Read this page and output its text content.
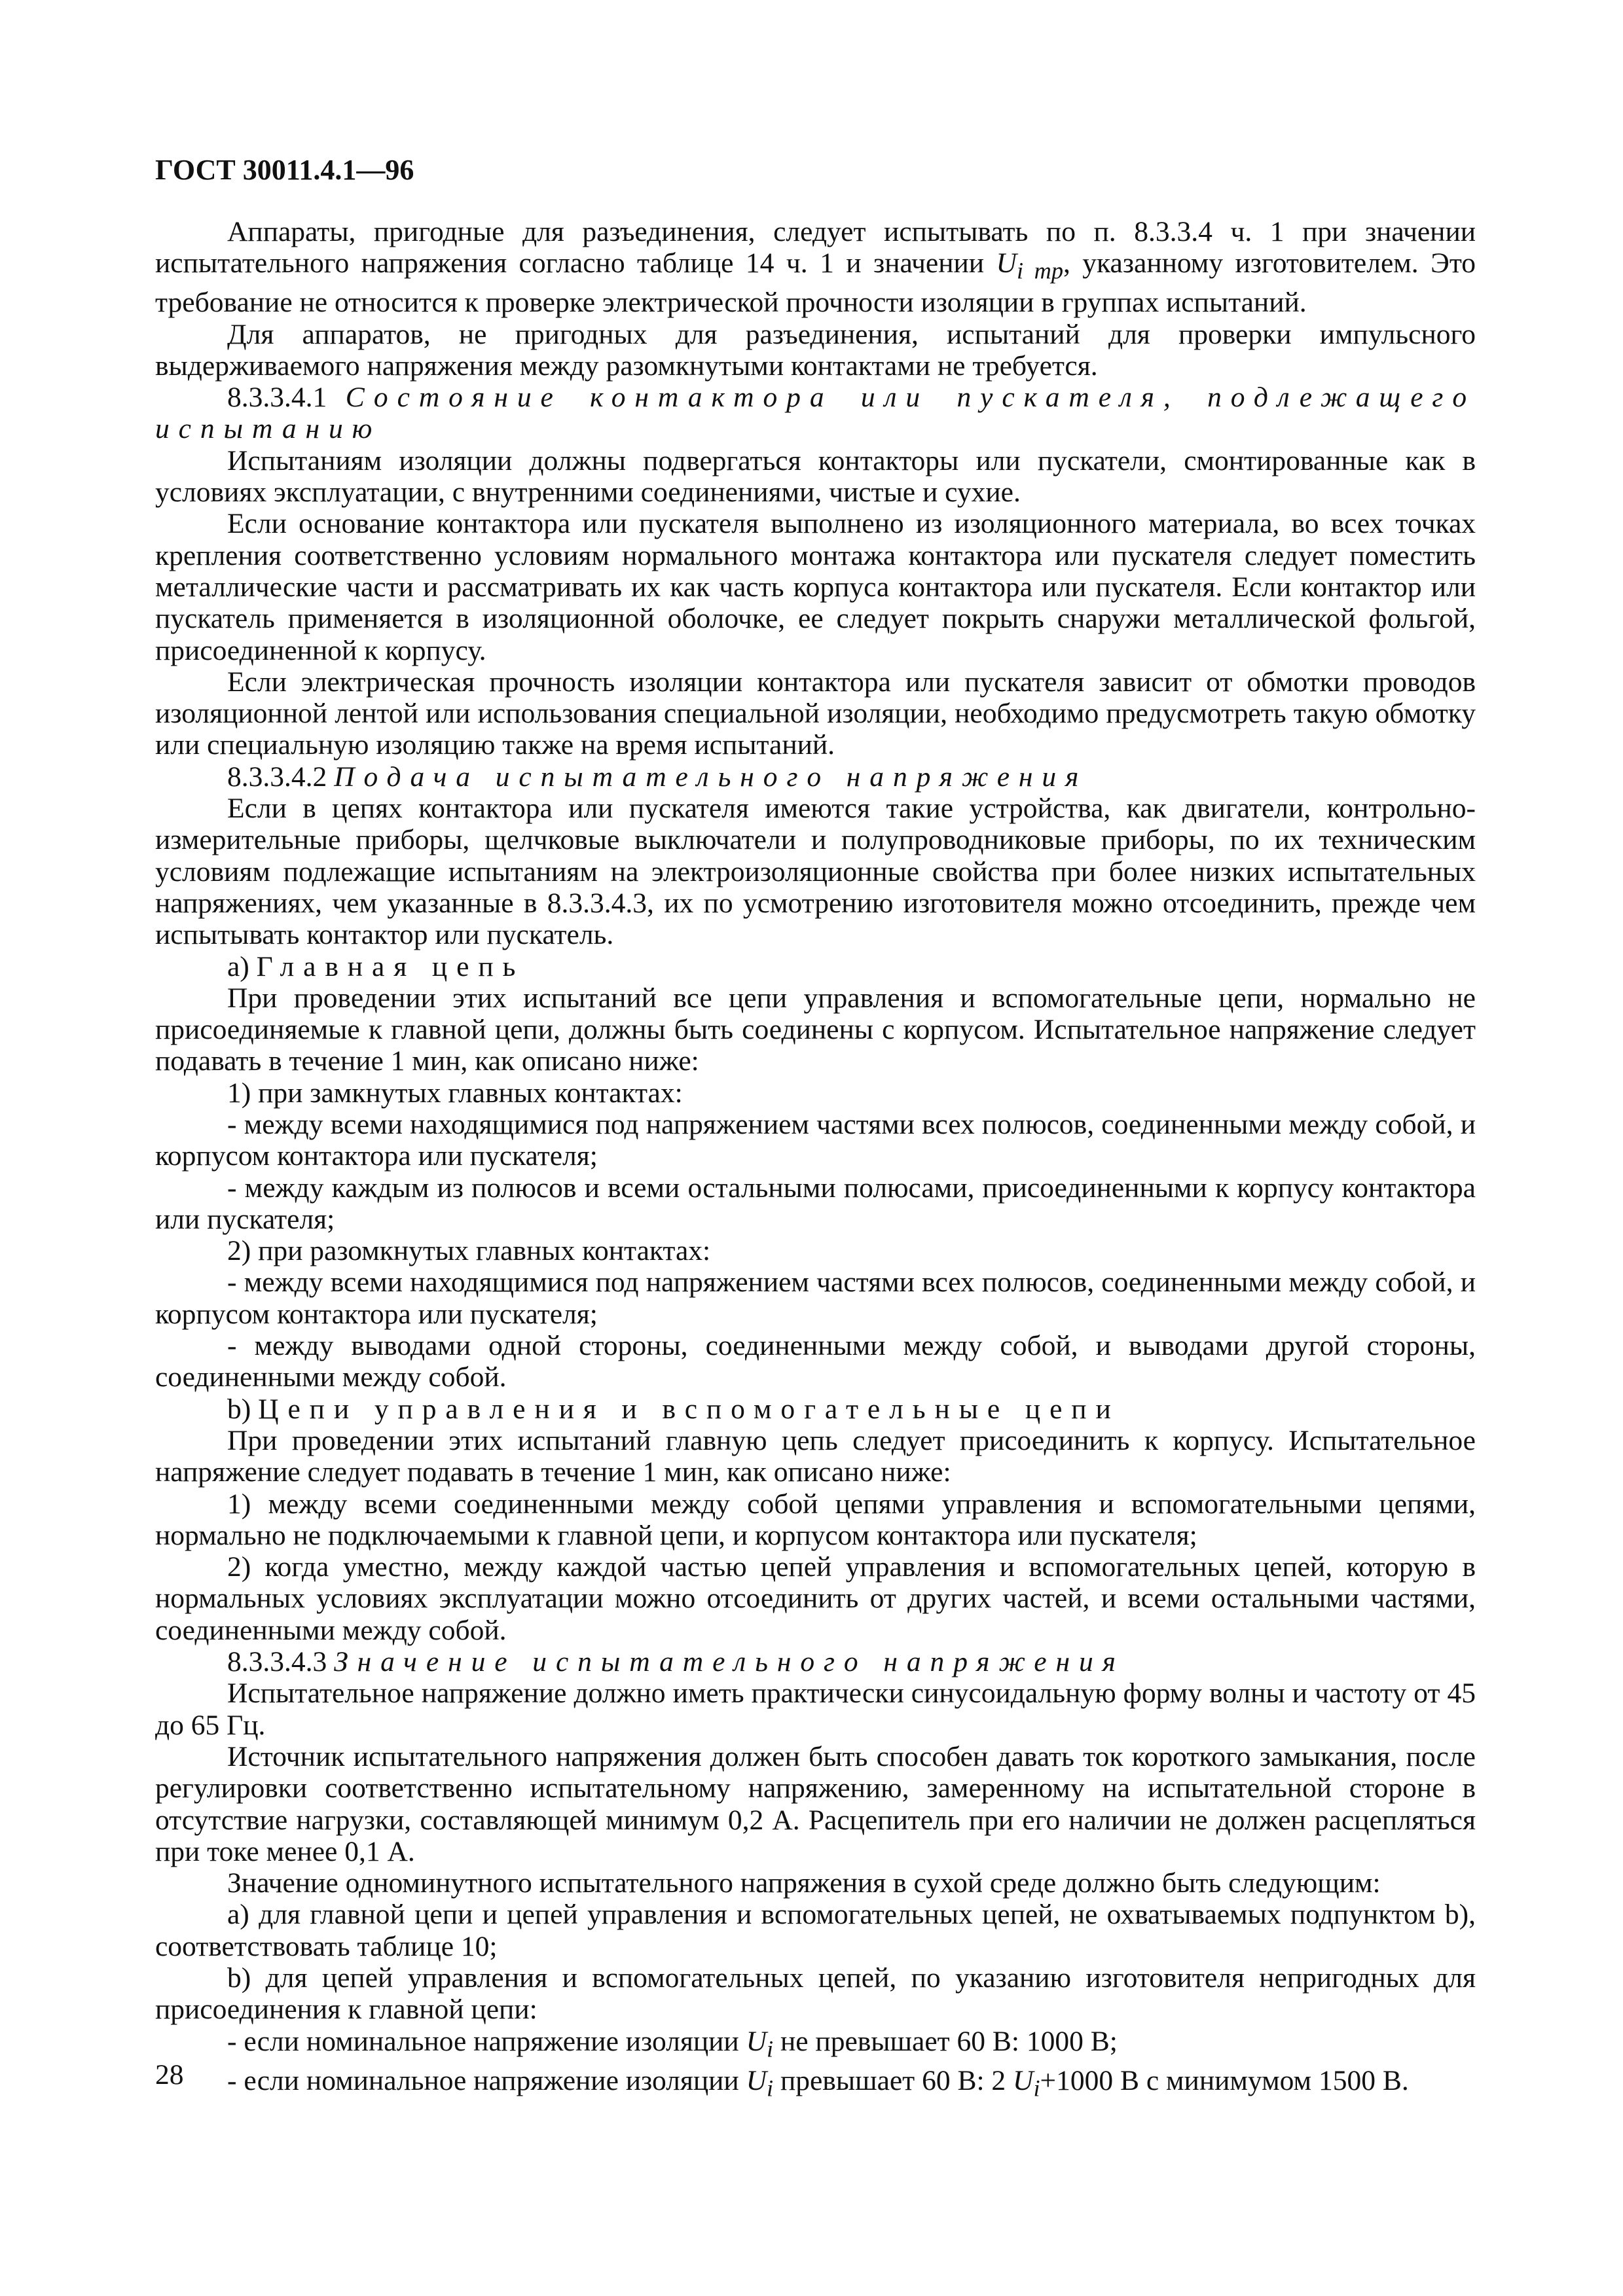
ГОСТ 30011.4.1—96

Аппараты, пригодные для разъединения, следует испытывать по п. 8.3.3.4 ч. 1 при значении испытательного напряжения согласно таблице 14 ч. 1 и значении $U_{i тр}$, указанному изготовителем. Это требование не относится к проверке электрической прочности изоляции в группах испытаний.

Для аппаратов, не пригодных для разъединения, испытаний для проверки импульсного выдерживаемого напряжения между разомкнутыми контактами не требуется.

8.3.3.4.1 Состояние контактора или пускателя, подлежащего испытанию

Испытаниям изоляции должны подвергаться контакторы или пускатели, смонтированные как в условиях эксплуатации, с внутренними соединениями, чистые и сухие.

Если основание контактора или пускателя выполнено из изоляционного материала, во всех точках крепления соответственно условиям нормального монтажа контактора или пускателя следует поместить металлические части и рассматривать их как часть корпуса контактора или пускателя. Если контактор или пускатель применяется в изоляционной оболочке, ее следует покрыть снаружи металлической фольгой, присоединенной к корпусу.

Если электрическая прочность изоляции контактора или пускателя зависит от обмотки проводов изоляционной лентой или использования специальной изоляции, необходимо предусмотреть такую обмотку или специальную изоляцию также на время испытаний.

8.3.3.4.2 Подача испытательного напряжения

Если в цепях контактора или пускателя имеются такие устройства, как двигатели, контрольно-измерительные приборы, щелчковые выключатели и полупроводниковые приборы, по их техническим условиям подлежащие испытаниям на электроизоляционные свойства при более низких испытательных напряжениях, чем указанные в 8.3.3.4.3, их по усмотрению изготовителя можно отсоединить, прежде чем испытывать контактор или пускатель.

а) Главная цепь

При проведении этих испытаний все цепи управления и вспомогательные цепи, нормально не присоединяемые к главной цепи, должны быть соединены с корпусом. Испытательное напряжение следует подавать в течение 1 мин, как описано ниже:

1) при замкнутых главных контактах:

- между всеми находящимися под напряжением частями всех полюсов, соединенными между собой, и корпусом контактора или пускателя;

- между каждым из полюсов и всеми остальными полюсами, присоединенными к корпусу контактора или пускателя;

2) при разомкнутых главных контактах:

- между всеми находящимися под напряжением частями всех полюсов, соединенными между собой, и корпусом контактора или пускателя;

- между выводами одной стороны, соединенными между собой, и выводами другой стороны, соединенными между собой.

b) Цепи управления и вспомогательные цепи

При проведении этих испытаний главную цепь следует присоединить к корпусу. Испытательное напряжение следует подавать в течение 1 мин, как описано ниже:

1) между всеми соединенными между собой цепями управления и вспомогательными цепями, нормально не подключаемыми к главной цепи, и корпусом контактора или пускателя;

2) когда уместно, между каждой частью цепей управления и вспомогательных цепей, которую в нормальных условиях эксплуатации можно отсоединить от других частей, и всеми остальными частями, соединенными между собой.

8.3.3.4.3 Значение испытательного напряжения

Испытательное напряжение должно иметь практически синусоидальную форму волны и частоту от 45 до 65 Гц.

Источник испытательного напряжения должен быть способен давать ток короткого замыкания, после регулировки соответственно испытательному напряжению, замеренному на испытательной стороне в отсутствие нагрузки, составляющей минимум 0,2 А. Расцепитель при его наличии не должен расцепляться при токе менее 0,1 А.

Значение одноминутного испытательного напряжения в сухой среде должно быть следующим:

а) для главной цепи и цепей управления и вспомогательных цепей, не охватываемых подпунктом b), соответствовать таблице 10;

b) для цепей управления и вспомогательных цепей, по указанию изготовителя непригодных для присоединения к главной цепи:

- если номинальное напряжение изоляции $U_i$ не превышает 60 В: 1000 В;

- если номинальное напряжение изоляции $U_i$ превышает 60 В: 2 $U_i+1000$ В с минимумом 1500 В.

28
